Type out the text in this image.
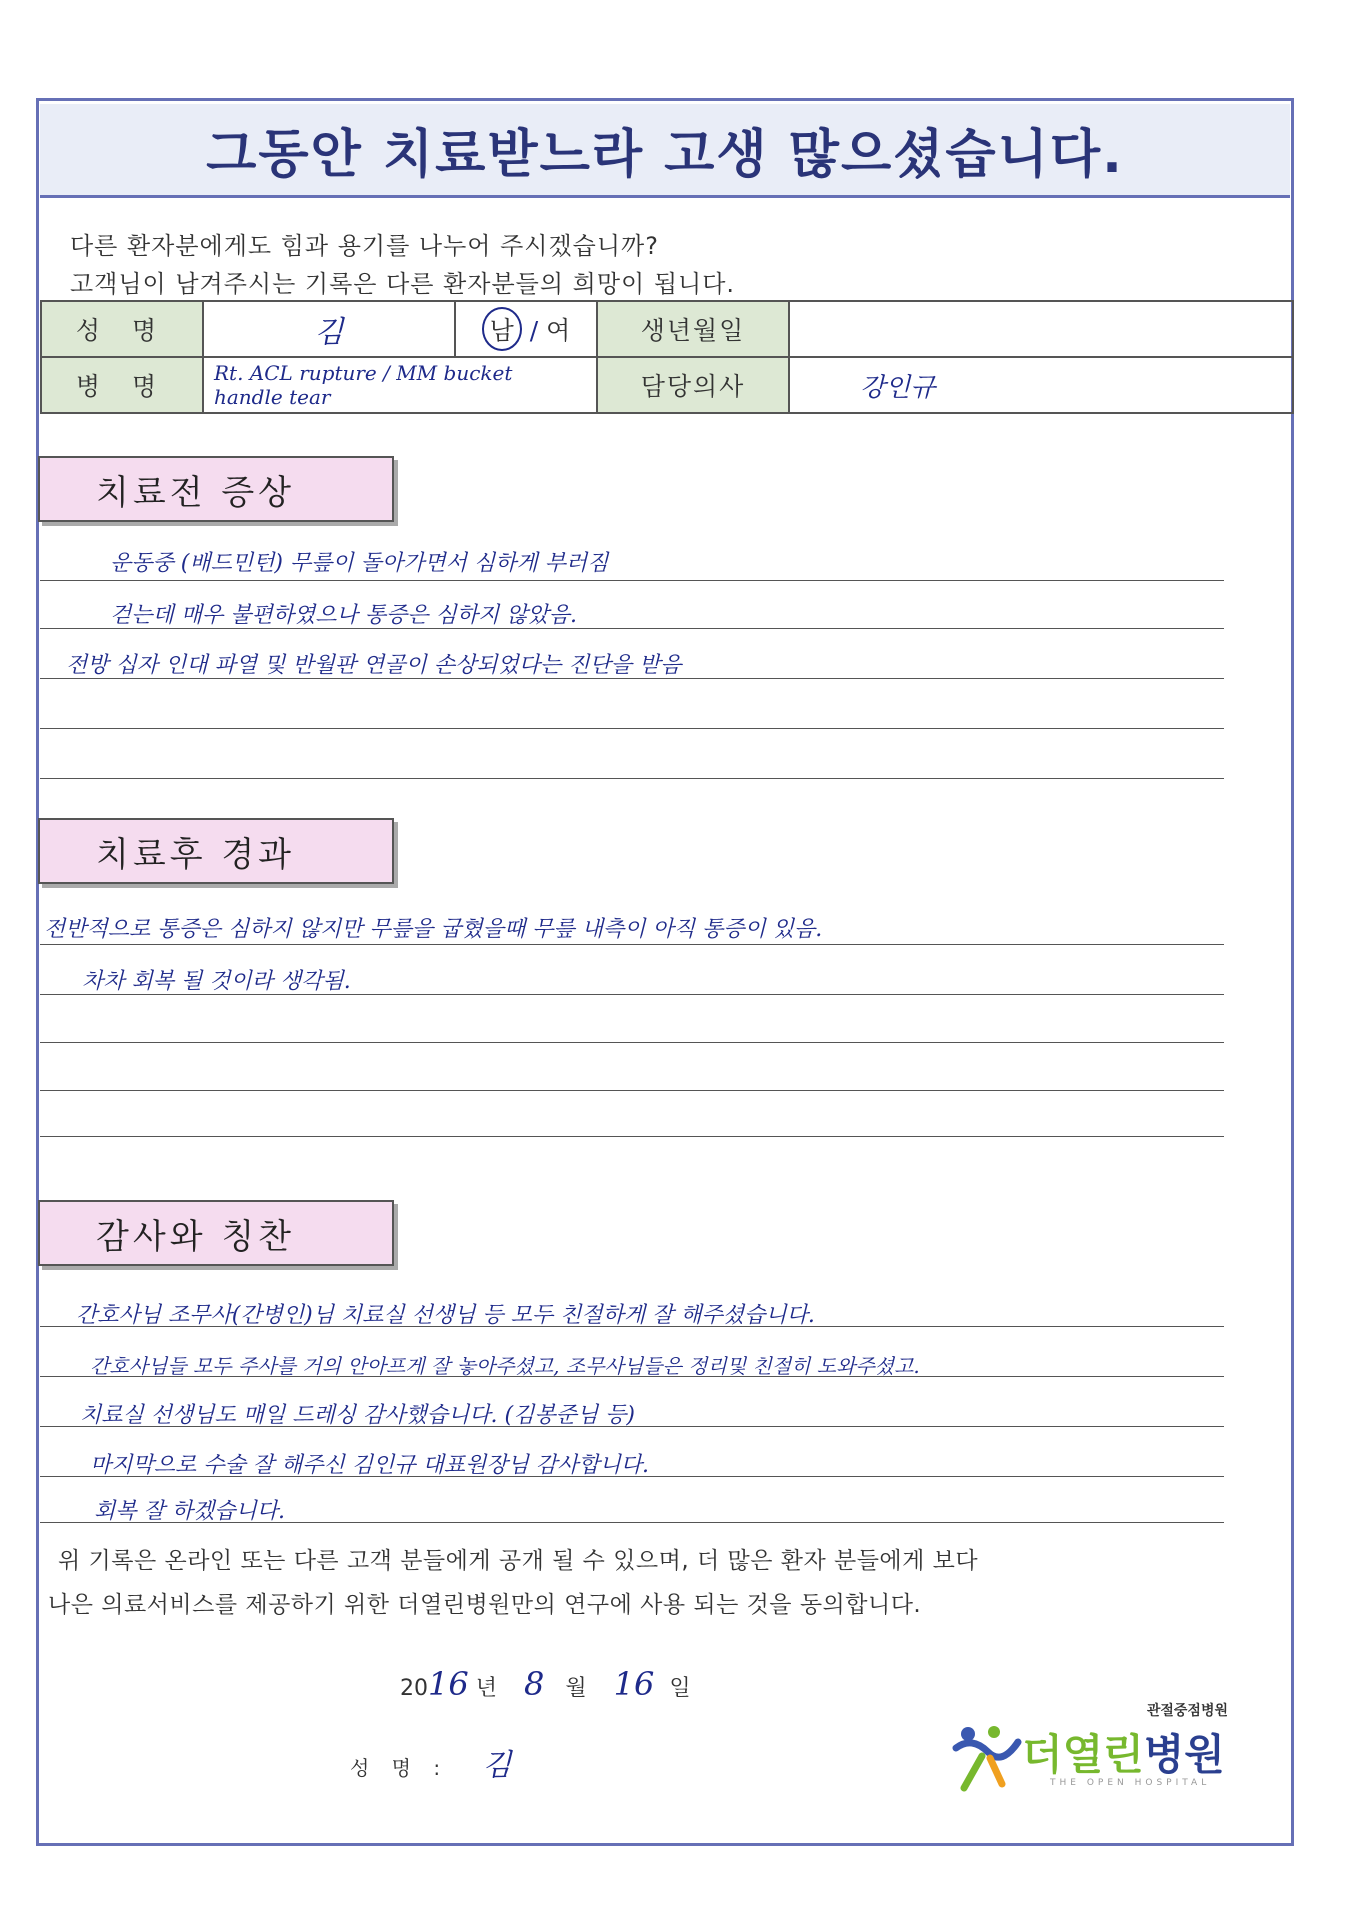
그동안 치료받느라 고생 많으셨습니다.
다른 환자분에게도 힘과 용기를 나누어 주시겠습니까?
고객님이 남겨주시는 기록은 다른 환자분들의 희망이 됩니다.
성 명	김	남 / 여	생년월일	
병 명	Rt. ACL rupture / MM bucket handle tear		담당의사	강인규
치료전 증상
운동중 (배드민턴) 무릎이 돌아가면서 심하게 부러짐
걷는데 매우 불편하였으나 통증은 심하지 않았음.
전방 십자 인대 파열 및 반월판 연골이 손상되었다는 진단을 받음
치료후 경과
전반적으로 통증은 심하지 않지만 무릎을 굽혔을때 무릎 내측이 아직 통증이 있음.
차차 회복 될 것이라 생각됨.
감사와 칭찬
간호사님 조무사(간병인)님 치료실 선생님 등 모두 친절하게 잘 해주셨습니다.
간호사님들 모두 주사를 거의 안아프게 잘 놓아주셨고, 조무사님들은 정리및 친절히 도와주셨고.
치료실 선생님도 매일 드레싱 감사했습니다. (김봉준님 등)
마지막으로 수술 잘 해주신 김인규 대표원장님 감사합니다.
회복 잘 하겠습니다.
위 기록은 온라인 또는 다른 고객 분들에게 공개 될 수 있으며, 더 많은 환자 분들에게 보다
나은 의료서비스를 제공하기 위한 더열린병원만의 연구에 사용 되는 것을 동의합니다.
2016 년 8 월 16 일
성 명 : 김
관절중점병원
더열린병원
THE OPEN HOSPITAL
